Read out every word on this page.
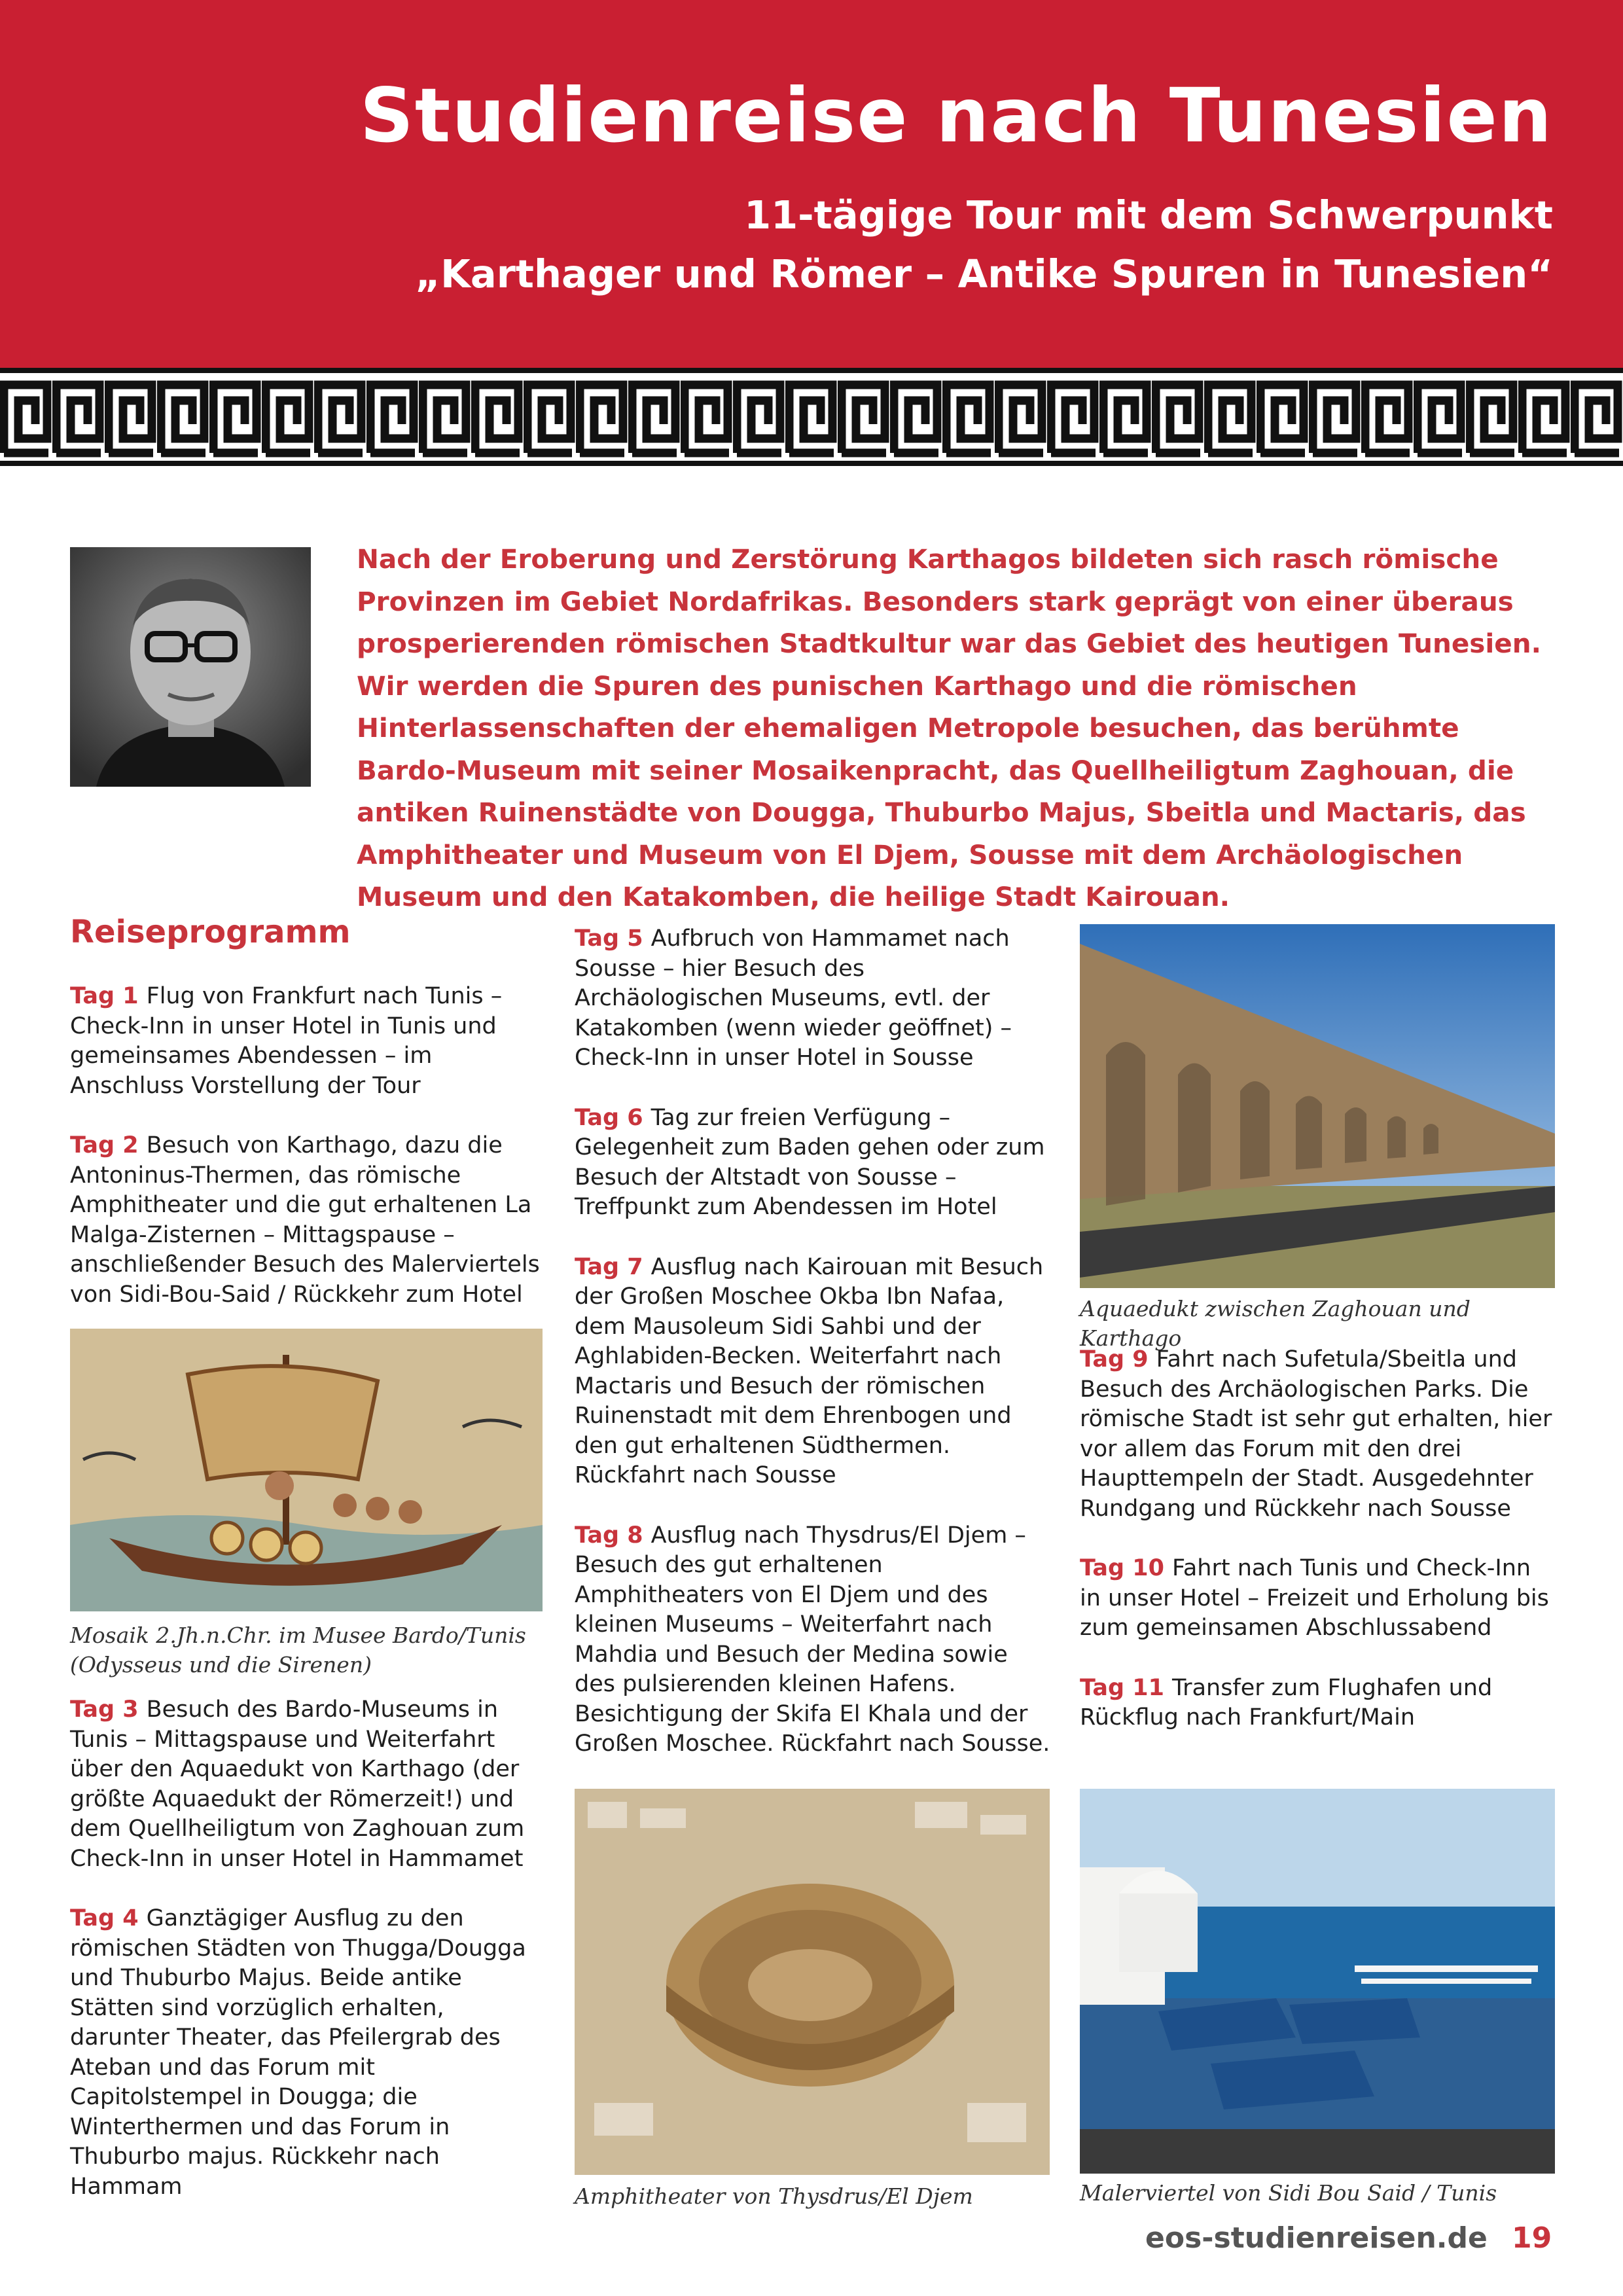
Studienreise nach Tunesien
11-tägige Tour mit dem Schwerpunkt
„Karthager und Römer – Antike Spuren in Tunesien“
Nach der Eroberung und Zerstörung Karthagos bildeten sich rasch römische Provinzen im Gebiet Nordafrikas. Besonders stark geprägt von einer überaus prosperierenden römischen Stadtkultur war das Gebiet des heutigen Tunesien. Wir werden die Spuren des punischen Karthago und die römischen Hinterlassenschaften der ehemaligen Metropole besuchen, das berühmte Bardo-Museum mit seiner Mosaikenpracht, das Quellheiligtum Zaghouan, die antiken Ruinenstädte von Dougga, Thuburbo Majus, Sbeitla und Mactaris, das Amphitheater und Museum von El Djem, Sousse mit dem Archäologischen Museum und den Katakomben, die heilige Stadt Kairouan.
Reiseprogramm
Tag 1 Flug von Frankfurt nach Tunis – Check-Inn in unser Hotel in Tunis und gemeinsames Abendessen – im Anschluss Vorstellung der Tour
Tag 2 Besuch von Karthago, dazu die Antoninus-Thermen, das römische Amphitheater und die gut erhaltenen La Malga-Zisternen – Mittagspause – anschließender Besuch des Malerviertels von Sidi-Bou-Said / Rückkehr zum Hotel
Mosaik 2.Jh.n.Chr. im Musee Bardo/Tunis
(Odysseus und die Sirenen)
Tag 3 Besuch des Bardo-Museums in Tunis – Mittagspause und Weiterfahrt über den Aquaedukt von Karthago (der größte Aquaedukt der Römerzeit!) und dem Quellheiligtum von Zaghouan zum Check-Inn in unser Hotel in Hammamet
Tag 4 Ganztägiger Ausflug zu den römischen Städten von Thugga/Dougga und Thuburbo Majus. Beide antike Stätten sind vorzüglich erhalten, darunter Theater, das Pfeilergrab des Ateban und das Forum mit Capitolstempel in Dougga; die Winterthermen und das Forum in Thuburbo majus. Rückkehr nach Hammam
Tag 5 Aufbruch von Hammamet nach Sousse – hier Besuch des Archäologischen Museums, evtl. der Katakomben (wenn wieder geöffnet) – Check-Inn in unser Hotel in Sousse
Tag 6 Tag zur freien Verfügung – Gelegenheit zum Baden gehen oder zum Besuch der Altstadt von Sousse – Treffpunkt zum Abendessen im Hotel
Tag 7 Ausflug nach Kairouan mit Besuch der Großen Moschee Okba Ibn Nafaa, dem Mausoleum Sidi Sahbi und der Aghlabiden-Becken. Weiterfahrt nach Mactaris und Besuch der römischen Ruinenstadt mit dem Ehrenbogen und den gut erhaltenen Südthermen. Rückfahrt nach Sousse
Tag 8 Ausflug nach Thysdrus/El Djem – Besuch des gut erhaltenen Amphitheaters von El Djem und des kleinen Museums – Weiterfahrt nach Mahdia und Besuch der Medina sowie des pulsierenden kleinen Hafens. Besichtigung der Skifa El Khala und der Großen Moschee. Rückfahrt nach Sousse.
Aquaedukt zwischen Zaghouan und Karthago
Tag 9 Fahrt nach Sufetula/Sbeitla und Besuch des Archäologischen Parks. Die römische Stadt ist sehr gut erhalten, hier vor allem das Forum mit den drei Haupttempeln der Stadt. Ausgedehnter Rundgang und Rückkehr nach Sousse
Tag 10 Fahrt nach Tunis und Check-Inn in unser Hotel – Freizeit und Erholung bis zum gemeinsamen Abschlussabend
Tag 11 Transfer zum Flughafen und Rückflug nach Frankfurt/Main
Amphitheater von Thysdrus/El Djem	Malerviertel von Sidi Bou Said / Tunis
eos-studienreisen.de 19
